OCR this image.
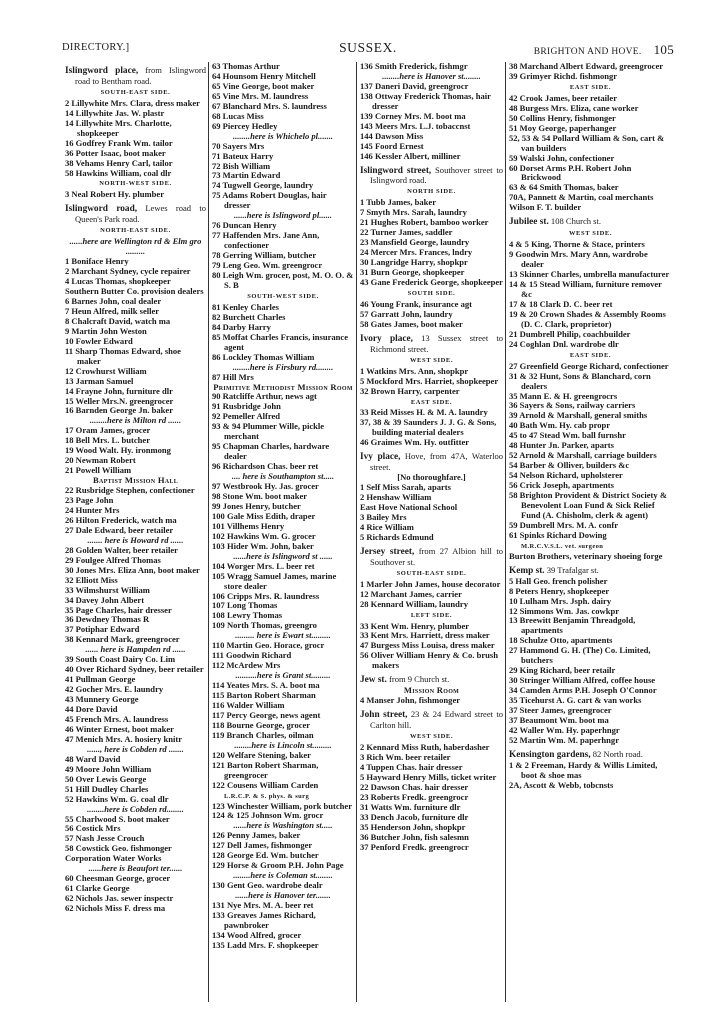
DIRECTORY.]	SUSSEX.	BRIGHTON AND HOVE. 105
Islingword place, from Islingword road to Bentham road.
SOUTH-EAST SIDE.
2 Lillywhite Mrs. Clara, dress maker
14 Lillywhite Jas. W. plastr
14 Lillywhite Mrs. Charlotte, shopkeeper
16 Godfrey Frank Wm. tailor
36 Potter Isaac, boot maker
38 Vehams Henry Carl, tailor
58 Hawkins William, coal dlr
NORTH-WEST SIDE.
3 Neal Robert Hy. plumber
Islingword road, Lewes road to Queen's Park road.
NORTH-EAST SIDE.
......here are Wellington rd & Elm gro .........
1 Boniface Henry
2 Marchant Sydney, cycle repairer
4 Lucas Thomas, shopkeeper
Southern Butter Co. provision dealers
6 Barnes John, coal dealer
7 Heun Alfred, milk seller
8 Chalcraft David, watch ma
9 Martin John Weston
10 Fowler Edward
11 Sharp Thomas Edward, shoe maker
12 Crowhurst William
13 Jarman Samuel
14 Frayne John, furniture dlr
15 Weller Mrs.N. greengrocer
16 Barnden George Jn. baker
........here is Milton rd ......
17 Oram James, grocer
18 Bell Mrs. L. butcher
19 Wood Walt. Hy. ironmong
20 Newman Robert
21 Powell William
Baptist Mission Hall
22 Rusbridge Stephen, confectioner
23 Page John
24 Hunter Mrs
26 Hilton Frederick, watch ma
27 Dale Edward, beer retailer
....... here is Howard rd ......
28 Golden Walter, beer retailer
29 Foulgee Alfred Thomas
30 Jones Mrs. Eliza Ann, boot maker
32 Elliott Miss
33 Wilmshurst William
34 Davey John Albert
35 Page Charles, hair dresser
36 Dewdney Thomas R
37 Potiphar Edward
38 Kennard Mark, greengrocer
...... here is Hampden rd ......
39 South Coast Dairy Co. Lim
40 Over Richard Sydney, beer retailer
41 Pullman George
42 Gocher Mrs. E. laundry
43 Munnery George
44 Dore David
45 French Mrs. A. laundress
46 Winter Ernest, boot maker
47 Menich Mrs. A. hosiery knitr
......, here is Cobden rd .......
48 Ward David
49 Moore John William
50 Over Lewis George
51 Hill Dudley Charles
52 Hawkins Wm. G. coal dlr
........here is Cobden rd........
55 Charlwood S. boot maker
56 Costick Mrs
57 Nash Jesse Crouch
58 Cowstick Geo. fishmonger
Corporation Water Works
......here is Beaufort ter......
60 Cheesman George, grocer
61 Clarke George
62 Nichols Jas. sewer inspectr
62 Nichols Miss F. dress ma
63 Thomas Arthur
64 Hounsom Henry Mitchell
65 Vine George, boot maker
65 Vine Mrs. M. laundress
67 Blanchard Mrs. S. laundress
68 Lucas Miss
69 Piercey Hedley
........here is Whichelo pl.......
70 Sayers Mrs
71 Bateux Harry
72 Bish William
73 Martin Edward
74 Tugwell George, laundry
75 Adams Robert Douglas, hair dresser
......here is Islingword pl......
76 Duncan Henry
77 Haffenden Mrs. Jane Ann, confectioner
78 Gerring William, butcher
79 Leng Geo. Wm. greengrocr
80 Leigh Wm. grocer, post, M. O. O. & S. B
SOUTH-WEST SIDE.
81 Kenley Charles
82 Burchett Charles
84 Darby Harry
85 Moffat Charles Francis, insurance agent
86 Lockley Thomas William
........here is Firsbury rd........
87 Hill Mrs
Primitive Methodist Mission Room
90 Ratcliffe Arthur, news agt
91 Rusbridge John
92 Pemeller Alfred
93 & 94 Plummer Wille, pickle merchant
95 Chapman Charles, hardware dealer
96 Richardson Chas. beer ret
.... here is Southampton st.....
97 Westbrook Hy. Jas. grocer
98 Stone Wm. boot maker
99 Jones Henry, butcher
100 Gale Miss Edith, draper
101 Villhems Henry
102 Hawkins Wm. G. grocer
103 Hider Wm. John, baker
......here is Islingword st ......
104 Worger Mrs. L. beer ret
105 Wragg Samuel James, marine store dealer
106 Cripps Mrs. R. laundress
107 Long Thomas
108 Lewry Thomas
109 North Thomas, greengro
......... here is Ewart st.........
110 Martin Geo. Horace, grocr
111 Goodwin Richard
112 McArdew Mrs
..........here is Grant st.........
114 Yeates Mrs. S. A. boot ma
115 Barton Robert Sharman
116 Walder William
117 Percy George, news agent
118 Bourne George, grocer
119 Branch Charles, oilman
........here is Lincoln st.........
120 Welfare Stening, baker
121 Barton Robert Sharman, greengrocer
122 Cousens William Carden
L.R.C.P. & S. phys. & surg
123 Winchester William, pork butcher
124 & 125 Johnson Wm. grocr
......here is Washington st.....
126 Penny James, baker
127 Dell James, fishmonger
128 George Ed. Wm. butcher
129 Horse & Groom P.H. John Page
........here is Coleman st........
130 Gent Geo. wardrobe dealr
......here is Hanover ter.......
131 Nye Mrs. M. A. beer ret
133 Greaves James Richard, pawnbroker
134 Wood Alfred, grocer
135 Ladd Mrs. F. shopkeeper
136 Smith Frederick, fishmgr
........here is Hanover st........
137 Daneri David, greengrocr
138 Ottway Frederick Thomas, hair dresser
139 Corney Mrs. M. boot ma
143 Meers Mrs. L.J. tobaccnst
144 Dawson Miss
145 Foord Ernest
146 Kessler Albert, milliner
Islingword street, Southover street to Islingword road.
NORTH SIDE.
1 Tubb James, baker
7 Smyth Mrs. Sarah, laundry
21 Hughes Robert, bamboo worker
22 Turner James, saddler
23 Mansfield George, laundry
24 Mercer Mrs. Frances, lndry
30 Langridge Harry, shopkpr
31 Burn George, shopkeeper
43 Gane Frederick George, shopkeeper
SOUTH SIDE.
46 Young Frank, insurance agt
57 Garratt John, laundry
58 Gates James, boot maker
Ivory place, 13 Sussex street to Richmond street.
WEST SIDE.
1 Watkins Mrs. Ann, shopkpr
5 Mockford Mrs. Harriet, shopkeeper
32 Brown Harry, carpenter
EAST SIDE.
33 Reid Misses H. & M. A. laundry
37, 38 & 39 Saunders J. J. G. & Sons, building material dealers
46 Graimes Wm. Hy. outfitter
Ivy place, Hove, from 47A, Waterloo street.
[No thoroughfare.]
1 Self Miss Sarah, aparts
2 Henshaw William
East Hove National School
3 Bailey Mrs
4 Rice William
5 Richards Edmund
Jersey street, from 27 Albion hill to Southover st.
SOUTH-EAST SIDE.
1 Marler John James, house decorator
12 Marchant James, carrier
28 Kennard William, laundry
LEFT SIDE.
33 Kent Wm. Henry, plumber
33 Kent Mrs. Harriett, dress maker
47 Burgess Miss Louisa, dress maker
56 Oliver William Henry & Co. brush makers
Jew st. from 9 Church st.
Mission Room
4 Manser John, fishmonger
John street, 23 & 24 Edward street to Carlton hill.
WEST SIDE.
2 Kennard Miss Ruth, haberdasher
3 Rich Wm. beer retailer
4 Tuppen Chas. hair dresser
5 Hayward Henry Mills, ticket writer
22 Dawson Chas. hair dresser
23 Roberts Fredk. greengrocr
31 Watts Wm. furniture dlr
33 Dench Jacob, furniture dlr
35 Henderson John, shopkpr
36 Butcher John, fish salesmn
37 Penford Fredk. greengrocr
38 Marchand Albert Edward, greengrocer
39 Grimyer Richd. fishmongr
EAST SIDE.
42 Crook James, beer retailer
48 Burgess Mrs. Eliza, cane worker
50 Collins Henry, fishmonger
51 Moy George, paperhanger
52, 53 & 54 Pollard William & Son, cart & van builders
59 Walski John, confectioner
60 Dorset Arms P.H. Robert John Brickwood
63 & 64 Smith Thomas, baker
70A, Pannett & Martin, coal merchants
Wilson F. T. builder
Jubilee st. 108 Church st.
WEST SIDE.
4 & 5 King, Thorne & Stace, printers
9 Goodwin Mrs. Mary Ann, wardrobe dealer
13 Skinner Charles, umbrella manufacturer
14 & 15 Stead William, furniture remover &c
17 & 18 Clark D. C. beer ret
19 & 20 Crown Shades & Assembly Rooms (D. C. Clark, proprietor)
21 Dumbrell Philip, coachbuilder
24 Coghlan Dnl. wardrobe dlr
EAST SIDE.
27 Greenfield George Richard, confectioner
31 & 32 Hunt, Sons & Blanchard, corn dealers
35 Mann E. & H. greengrocrs
36 Sayers & Sons, railway carriers
39 Arnold & Marshall, general smiths
40 Bath Wm. Hy. cab propr
45 to 47 Stead Wm. ball furnshr
48 Hunter Jn. Parker, aparts
52 Arnold & Marshall, carriage builders
54 Barber & Olliver, builders &c
54 Nelson Richard, upholsterer
56 Crick Joseph, apartments
58 Brighton Provident & District Society & Benevolent Loan Fund & Sick Relief Fund (A. Chisholm, clerk & agent)
59 Dumbrell Mrs. M. A. confr
61 Spinks Richard Dowing
M.R.C.V.S.L. vet. surgeon
Burton Brothers, veterinary shoeing forge
Kemp st. 39 Trafalgar st.
5 Hall Geo. french polisher
8 Peters Henry, shopkeeper
10 Lulham Mrs. Jsph. dairy
12 Simmons Wm. Jas. cowkpr
13 Breewitt Benjamin Threadgold, apartments
18 Schulze Otto, apartments
27 Hammond G. H. (The) Co. Limited, butchers
29 King Richard, beer retailr
30 Stringer William Alfred, coffee house
34 Camden Arms P.H. Joseph O'Connor
35 Ticehurst A. G. cart & van works
37 Steer James, greengrocer
37 Beaumont Wm. boot ma
42 Waller Wm. Hy. paperhngr
52 Martin Wm. M. paperhngr
Kensington gardens, 82 North road.
1 & 2 Freeman, Hardy & Willis Limited, boot & shoe mas
2A, Ascott & Webb, tobcnsts
